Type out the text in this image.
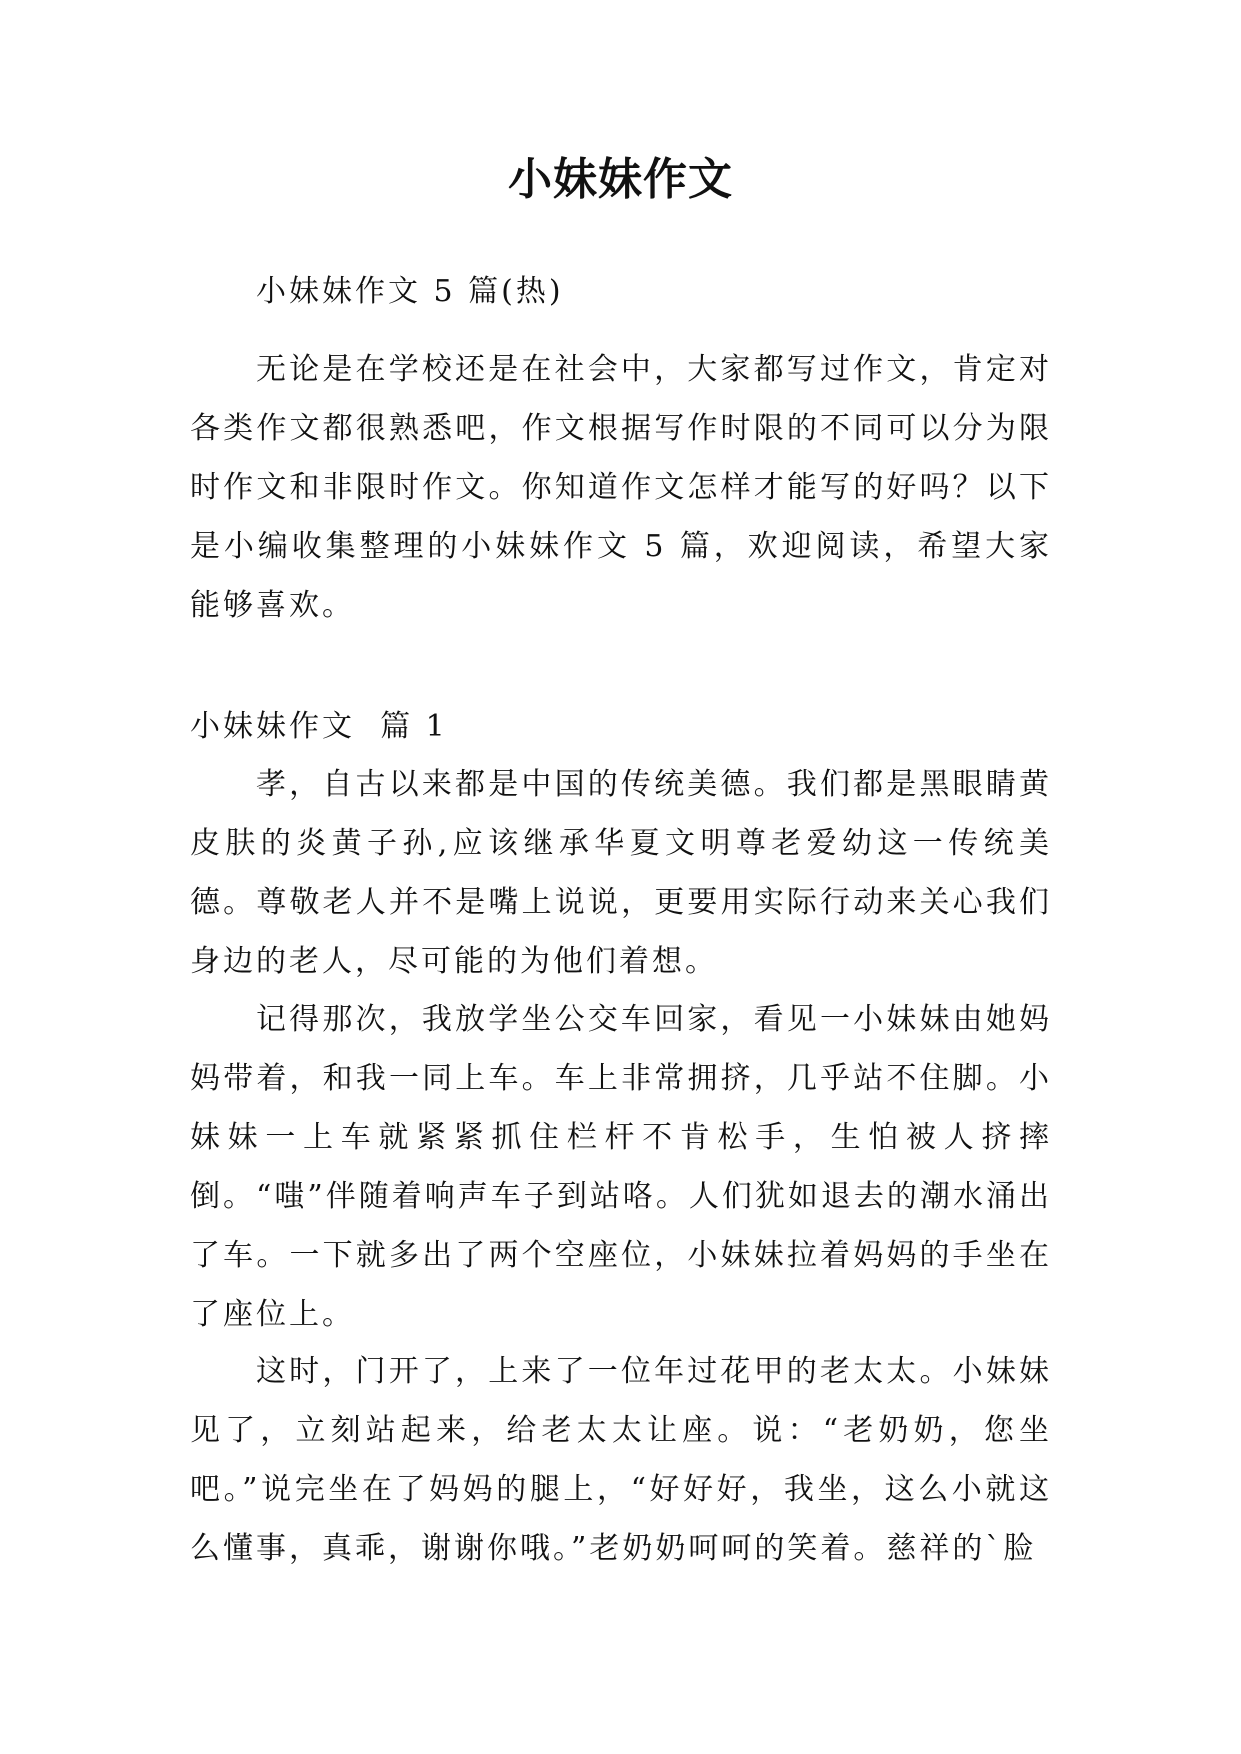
小妹妹作文

小妹妹作文 5 篇(热)

无论是在学校还是在社会中，大家都写过作文，肯定对各类作文都很熟悉吧，作文根据写作时限的不同可以分为限时作文和非限时作文。你知道作文怎样才能写的好吗？以下是小编收集整理的小妹妹作文 5 篇，欢迎阅读，希望大家能够喜欢。

小妹妹作文  篇 1

孝，自古以来都是中国的传统美德。我们都是黑眼睛黄皮肤的炎黄子孙,应该继承华夏文明尊老爱幼这一传统美德。尊敬老人并不是嘴上说说，更要用实际行动来关心我们身边的老人，尽可能的为他们着想。

记得那次，我放学坐公交车回家，看见一小妹妹由她妈妈带着，和我一同上车。车上非常拥挤，几乎站不住脚。小妹妹一上车就紧紧抓住栏杆不肯松手，生怕被人挤摔倒。“嗤”伴随着响声车子到站咯。人们犹如退去的潮水涌出了车。一下就多出了两个空座位，小妹妹拉着妈妈的手坐在了座位上。

这时，门开了，上来了一位年过花甲的老太太。小妹妹见了，立刻站起来，给老太太让座。说：“老奶奶，您坐吧。”说完坐在了妈妈的腿上，“好好好，我坐，这么小就这么懂事，真乖，谢谢你哦。”老奶奶呵呵的笑着。慈祥的`脸
